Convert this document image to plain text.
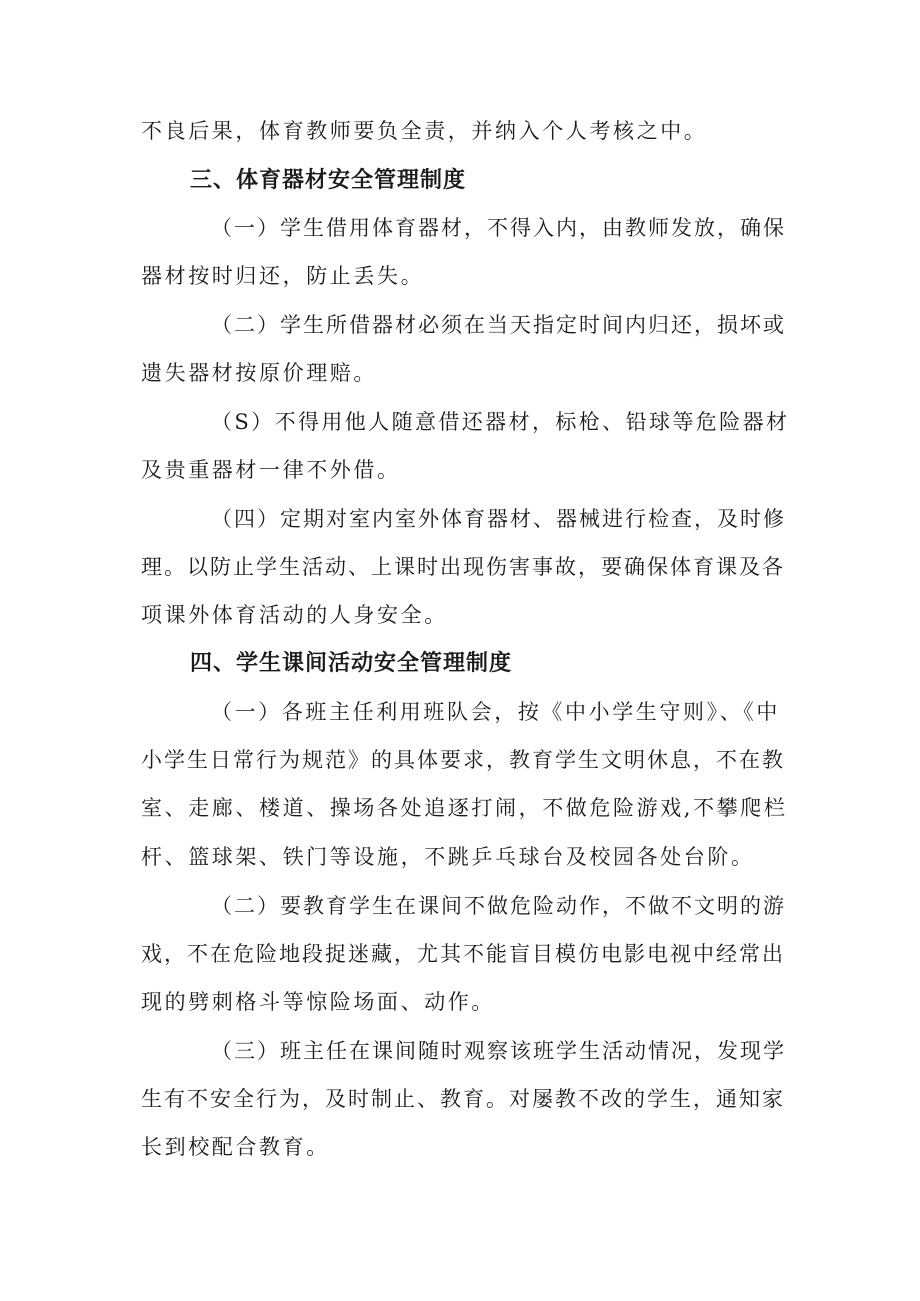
不良后果，体育教师要负全责，并纳入个人考核之中。
三、体育器材安全管理制度
（一）学生借用体育器材，不得入内，由教师发放，确保
器材按时归还，防止丢失。
（二）学生所借器材必须在当天指定时间内归还，损坏或
遗失器材按原价理赔。
（S）不得用他人随意借还器材，标枪、铅球等危险器材
及贵重器材一律不外借。
（四）定期对室内室外体育器材、器械进行检查，及时修
理。以防止学生活动、上课时出现伤害事故，要确保体育课及各
项课外体育活动的人身安全。
四、学生课间活动安全管理制度
（一）各班主任利用班队会，按《中小学生守则》、《中
小学生日常行为规范》的具体要求，教育学生文明休息，不在教
室、走廊、楼道、操场各处追逐打闹，不做危险游戏,不攀爬栏
杆、篮球架、铁门等设施，不跳乒乓球台及校园各处台阶。
（二）要教育学生在课间不做危险动作，不做不文明的游
戏，不在危险地段捉迷藏，尤其不能盲目模仿电影电视中经常出
现的劈刺格斗等惊险场面、动作。
（三）班主任在课间随时观察该班学生活动情况，发现学
生有不安全行为，及时制止、教育。对屡教不改的学生，通知家
长到校配合教育。
